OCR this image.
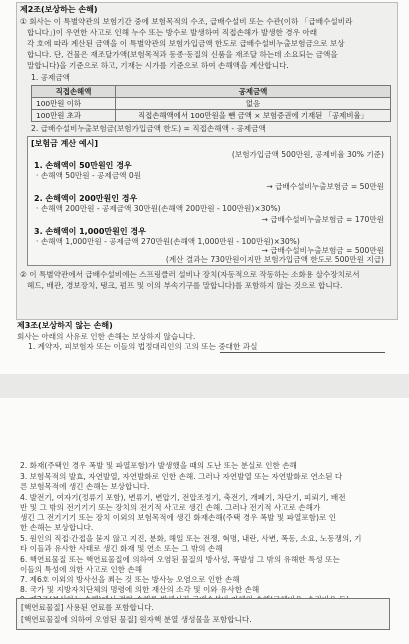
제2조(보상하는 손해)
① 회사는 이 특별약관의 보험기간 중에 보험목적의 수조, 급배수설비 또는 수관(이하 「급배수설비라
합니다」)이 우연한 사고로 인해 누수 또는 방수로 발생하여 직접손해가 발생한 경우 아래
각 호에 따라 계산된 금액을 이 특별약관의 보험가입금액 한도로 급배수설비누출보험금으로 보상
합니다. 단, 건물은 재조달가액(보험목적과 동종·동질의 신품을 재조달 하는데 소요되는 금액을
말합니다)을 기준으로 하고, 기재는 시가를 기준으로 하여 손해액을 계산합니다.
1. 공제금액
직접손해액	공제금액
100만원 이하	없음
100만원 초과	직접손해액에서 100만원을 뺀 금액 × 보험증권에 기재된 「공제비율」
2. 급배수설비누출보험금(보험가입금액 한도) = 직접손해액 - 공제금액
[보험금 계산 예시]
(보험가입금액 500만원, 공제비율 30% 기준)
1. 손해액이 50만원인 경우
· 손해액 50만원 - 공제금액 0원
→ 급배수설비누출보험금 = 50만원
2. 손해액이 200만원인 경우
· 손해액 200만원 - 공제금액 30만원(손해액 200만원 - 100만원)×30%)
→ 급배수설비누출보험금 = 170만원
3. 손해액이 1,000만원인 경우
· 손해액 1,000만원 - 공제금액 270만원(손해액 1,000만원 - 100만원)×30%)
→ 급배수설비누출보험금 = 500만원
(계산 결과는 730만원이지만 보험가입금액 한도로 500만원 지급)
② 이 특별약관에서 급배수설비에는 스프링클러 설비나 장치(자동적으로 작동하는 소화용 살수장치로서
헤드, 배관, 경보장치, 탱크, 펌프 및 이의 부속기구를 말합니다)를 포함하지 않는 것으로 합니다.
제3조(보상하지 않는 손해)
회사는 아래의 사유로 인한 손해는 보상하지 않습니다.
1. 계약자, 피보험자 또는 이들의 법정대리인의 고의 또는 중대한 과실
2. 화재(주택인 경우 폭발 및 파열포함)가 발생했을 때의 도난 또는 분실로 인한 손해
3. 보험목적의 발효, 자연발열, 자연발화로 인한 손해. 그러나 자연발열 또는 자연발화로 연소된 다
른 보험목적에 생긴 손해는 보상합니다.
4. 발전기, 여자기(정류기 포함), 변류기, 변압기, 전압조정기, 축전기, 개폐기, 차단기, 피뢰기, 배전
반 및 그 밖의 전기기기 또는 장치의 전기적 사고로 생긴 손해. 그러나 전기적 사고로 손해가
생긴 그 전기기기 또는 장치 이외의 보험목적에 생긴 화재손해(주택 경우 폭발 및 파열포함)로 인
한 손해는 보상합니다.
5. 원인의 직접·간접을 묻지 않고 지진, 분화, 해일 또는 전쟁, 혁명, 내란, 사변, 폭동, 소요, 노동쟁의, 기
타 이들과 유사한 사태로 생긴 화재 및 연소 또는 그 밖의 손해
6. 핵연료물질 또는 핵연료물질에 의하여 오염된 물질의 방사성, 폭발성 그 밖의 유해한 특성 또는
이들의 특성에 의한 사고로 인한 손해
7. 제6호 이외의 방사선을 쬐는 것 또는 방사능 오염으로 인한 손해
8. 국가 및 지방자치단체의 명령에 의한 재산의 소각 및 이와 유사한 손해
[핵연료물질] 사용된 연료를 포함합니다.
[핵연료물질에 의하여 오염된 물질] 원자핵 분열 생성물을 포함합니다.
